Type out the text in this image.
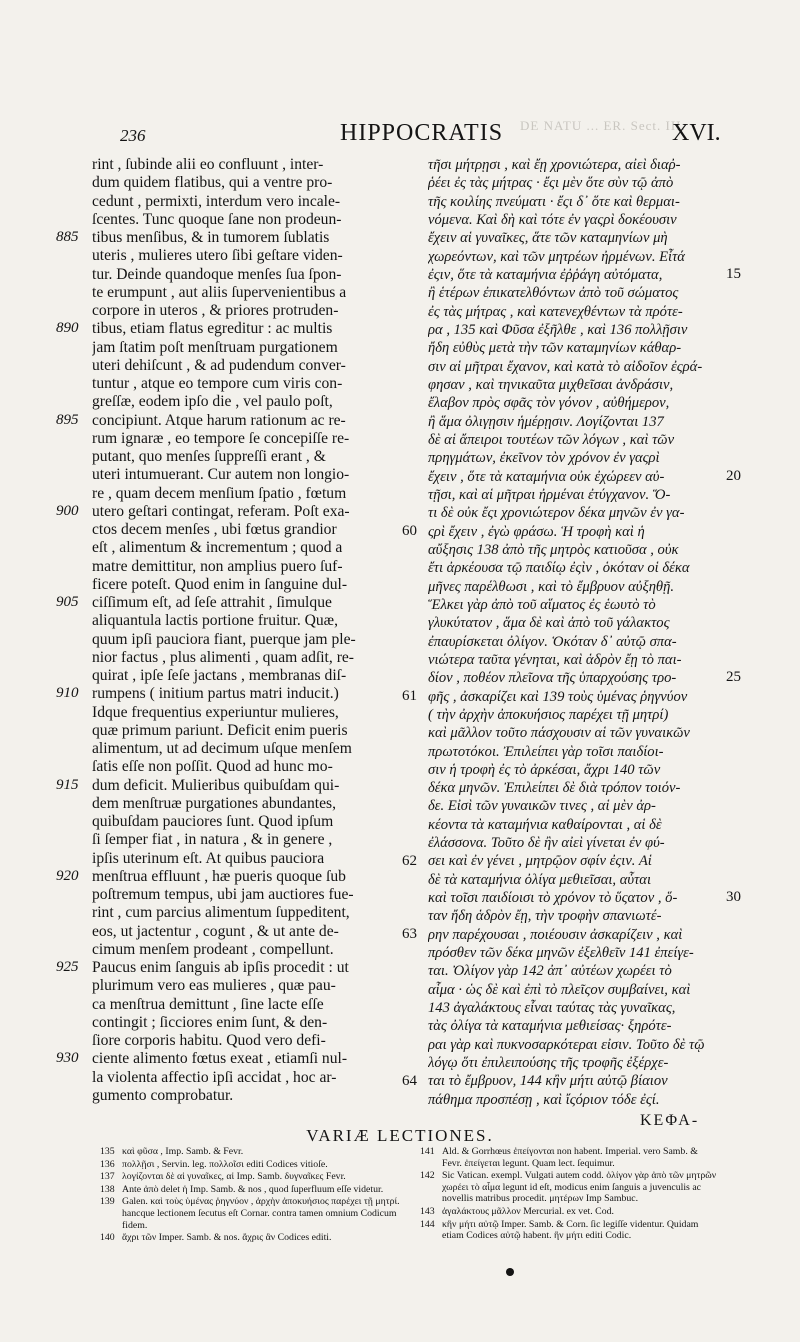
DE NATU ... ER. Sect. III.
236	HIPPOCRATIS	XVI.
885
890
895
900
905
910
915
920
925
930
rint , ſubinde alii eo confluunt , inter-
dum quidem flatibus, qui a ventre pro-
cedunt , permixti, interdum vero incale-
ſcentes. Tunc quoque ſane non prodeun-
tibus menſibus, & in tumorem ſublatis
uteris , mulieres utero ſibi geſtare viden-
tur. Deinde quandoque menſes ſua ſpon-
te erumpunt , aut aliis ſupervenientibus a
corpore in uteros , & priores protruden-
tibus, etiam flatus egreditur : ac multis
jam ſtatim poſt menſtruam purgationem
uteri dehiſcunt , & ad pudendum conver-
tuntur , atque eo tempore cum viris con-
greſſæ, eodem ipſo die , vel paulo poſt,
concipiunt. Atque harum rationum ac re-
rum ignaræ , eo tempore ſe concepiſſe re-
putant, quo menſes ſuppreſſi erant , &
uteri intumuerant. Cur autem non longio-
re , quam decem menſium ſpatio , fœtum
utero geſtari contingat, referam. Poſt exa-
ctos decem menſes , ubi fœtus grandior
eſt , alimentum & incrementum ; quod a
matre demittitur, non amplius puero ſuf-
ficere poteſt. Quod enim in ſanguine dul-
ciſſimum eſt, ad ſeſe attrahit , ſimulque
aliquantula lactis portione fruitur. Quæ,
quum ipſi pauciora fiant, puerque jam ple-
nior factus , plus alimenti , quam adſit, re-
quirat , ipſe ſeſe jactans , membranas diſ-
rumpens ( initium partus matri inducit.)
Idque frequentius experiuntur mulieres,
quæ primum pariunt. Deficit enim pueris
alimentum, ut ad decimum uſque menſem
ſatis eſſe non poſſit. Quod ad hunc mo-
dum deficit. Mulieribus quibuſdam qui-
dem menſtruæ purgationes abundantes,
quibuſdam pauciores ſunt. Quod ipſum
ſi ſemper fiat , in natura , & in genere ,
ipſis uterinum eſt. At quibus pauciora
menſtrua effluunt , hæ pueris quoque ſub
poſtremum tempus, ubi jam auctiores fue-
rint , cum parcius alimentum ſuppeditent,
eos, ut jactentur , cogunt , & ut ante de-
cimum menſem prodeant , compellunt.
Paucus enim ſanguis ab ipſis procedit : ut
plurimum vero eas mulieres , quæ pau-
ca menſtrua demittunt , ſine lacte eſſe
contingit ; ſicciores enim ſunt, & den-
ſiore corporis habitu. Quod vero defi-
ciente alimento fœtus exeat , etiamſi nul-
la violenta affectio ipſi accidat , hoc ar-
gumento comprobatur.
60
61
62
63
64
τῆσι μήτρῃσι , καὶ ἔῃ χρονιώτερα, αἰεὶ διαῤ-
ῥέει ἐς τὰς μήτρας · ἔςι μὲν ὅτε σὺν τῷ ἀπὸ
τῆς κοιλίης πνεύματι · ἔςι δ᾽ ὅτε καὶ θερμαι-
νόμενα. Καὶ δὴ καὶ τότε ἐν γαςρὶ δοκέουσιν
ἔχειν αἱ γυναῖκες, ἅτε τῶν καταμηνίων μὴ
χωρεόντων, καὶ τῶν μητρέων ἠρμένων. Εἶτά
ἐςιν, ὅτε τὰ καταμήνια ἐῤῥάγη αὐτόματα,
ἢ ἑτέρων ἐπικατελθόντων ἀπὸ τοῦ σώματος
ἐς τὰς μήτρας , καὶ κατενεχθέντων τὰ πρότε-
ρα , 135 καὶ Φῦσα ἐξῆλθε , καὶ 136 πολλῇσιν
ἤδη εὐθὺς μετὰ τὴν τῶν καταμηνίων κάθαρ-
σιν αἱ μῆτραι ἔχανον, καὶ κατὰ τὸ αἰδοῖον ἐςρά-
φησαν , καὶ τηνικαῦτα μιχθεῖσαι ἀνδράσιν,
ἔλαβον πρὸς σφᾶς τὸν γόνον , αὐθήμερον,
ἢ ἅμα ὀλιγῃσιν ἡμέρῃσιν. Λογίζονται 137
δὲ αἱ ἄπειροι τουτέων τῶν λόγων , καὶ τῶν
πρηγμάτων, ἐκεῖνον τὸν χρόνον ἐν γαςρὶ
ἔχειν , ὅτε τὰ καταμήνια οὐκ ἐχώρεεν αὐ-
τῇσι, καὶ αἱ μῆτραι ἠρμέναι ἐτύγχανον. Ὅ-
τι δὲ οὐκ ἔςι χρονιώτερον δέκα μηνῶν ἐν γα-
ςρὶ ἔχειν , ἐγὼ φράσω. Ἡ τροφὴ καὶ ἡ
αὔξησις 138 ἀπὸ τῆς μητρὸς κατιοῦσα , οὐκ
ἔτι ἀρκέουσα τῷ παιδίῳ ἐςὶν , ὁκόταν οἱ δέκα
μῆνες παρέλθωσι , καὶ τὸ ἔμβρυον αὐξηθῇ.
Ἕλκει γὰρ ἀπὸ τοῦ αἵματος ἐς ἑωυτὸ τὸ
γλυκύτατον , ἅμα δὲ καὶ ἀπὸ τοῦ γάλακτος
ἐπαυρίσκεται ὀλίγον. Ὁκόταν δ᾽ αὐτῷ σπα-
νιώτερα ταῦτα γένηται, καὶ ἁδρὸν ἔῃ τὸ παι-
δίον , ποθέον πλεῖονα τῆς ὑπαρχούσης τρο-
φῆς , ἀσκαρίζει καὶ 139 τοὺς ὑμένας ῥηγνύον
( τὴν ἀρχὴν ἀποκυήσιος παρέχει τῇ μητρί)
καὶ μᾶλλον τοῦτο πάσχουσιν αἱ τῶν γυναικῶν
πρωτοτόκοι. Ἐπιλείπει γὰρ τοῖσι παιδίοι-
σιν ἡ τροφὴ ἐς τὸ ἀρκέσαι, ἄχρι 140 τῶν
δέκα μηνῶν. Ἐπιλείπει δὲ διὰ τρόπον τοιόν-
δε. Εἰσὶ τῶν γυναικῶν τινες , αἱ μὲν ἀρ-
κέοντα τὰ καταμήνια καθαίρονται , αἱ δὲ
ἐλάσσονα. Τοῦτο δὲ ἢν αἰεὶ γίνεται ἐν φύ-
σει καὶ ἐν γένει , μητρῷον σφίν ἐςιν. Αἱ
δὲ τὰ καταμήνια ὀλίγα μεθιεῖσαι, αὗται
καὶ τοῖσι παιδίοισι τὸ χρόνον τὸ ὕςατον , ὅ-
ταν ἤδη ἁδρὸν ἔῃ, τὴν τροφὴν σπανιωτέ-
ρην παρέχουσαι , ποιέουσιν ἀσκαρίζειν , καὶ
πρόσθεν τῶν δέκα μηνῶν ἐξελθεῖν 141 ἐπείγε-
ται. Ὀλίγον γὰρ 142 ἀπ᾽ αὐτέων χωρέει τὸ
αἷμα · ὡς δὲ καὶ ἐπὶ τὸ πλεῖςον συμβαίνει, καὶ
143 ἀγαλάκτους εἶναι ταύτας τὰς γυναῖκας,
τὰς ὀλίγα τὰ καταμήνια μεθιείσας· ξηρότε-
ραι γὰρ καὶ πυκνοσαρκότεραι εἰσιν. Τοῦτο δὲ τῷ
λόγῳ ὅτι ἐπιλειπούσης τῆς τροφῆς ἐξέρχε-
ται τὸ ἔμβρυον, 144 κἢν μήτι αὐτῷ βίαιον
πάθημα προσπέσῃ , καὶ ἴςόριον τόδε ἐςί.
15
20
25
30
ΚΕΦΑ-
VARIÆ LECTIONES.
135 καὶ φῦσα , Imp. Samb. & Fevr.
136 πολλῇσι , Servin. leg. πολλοῖσι editi Codices vitioſe.
137 λογίζονται δὲ αἱ γυναῖκες, αἱ Imp. Samb. δυγναῖκες Fevr.
138 Ante ἀπὸ delet ἡ Imp. Samb. & nos , quod ſuperfluum eſſe videtur.
139 Galen. καὶ τοὺς ὑμένας ῥηγνύον , ἀρχὴν ἀποκυήσιος παρέχει τῇ μητρί. hancque lectionem ſecutus eſt Cornar. contra tamen omnium Codicum fidem.
140 ἄχρι τῶν Imper. Samb. & nos. ἄχρις ἂν Codices editi.
141 Ald. & Gorrhœus ἐπείγονται non habent. Imperial. vero Samb. & Fevr. ἐπείγεται legunt. Quam lect. ſequimur.
142 Sic Vatican. exempl. Vulgati autem codd. ὀλίγον γὰρ ἀπὸ τῶν μητρῶν χωρέει τὸ αἷμα legunt id eſt, modicus enim ſanguis a juvenculis ac novellis matribus procedit. μητέρων Imp Sambuc.
143 ἀγαλάκτους μᾶλλον Mercurial. ex vet. Cod.
144 κἢν μήτι αὐτῷ Imper. Samb. & Corn. ſic legiſſe videntur. Quidam etiam Codices αὐτῷ habent. ἢν μήτι editi Codic.
